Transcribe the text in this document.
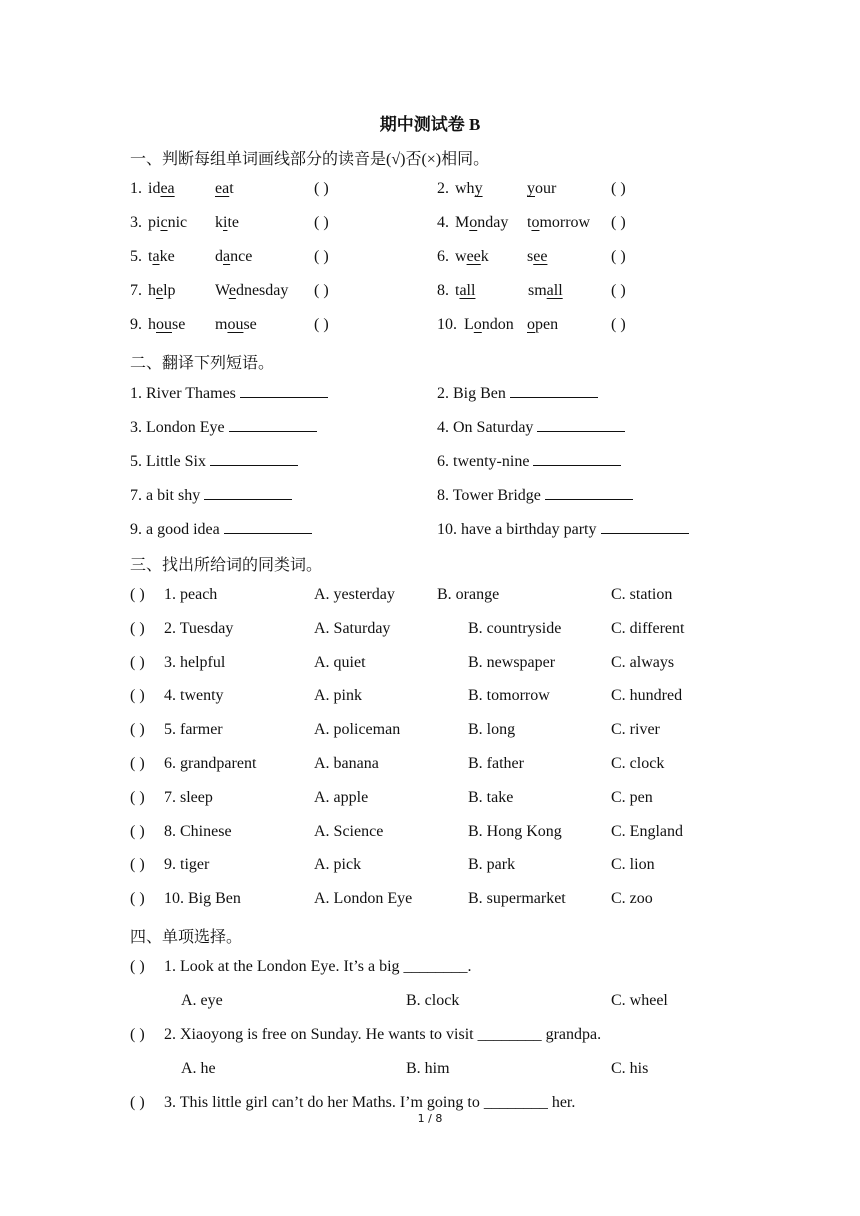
期中测试卷 B
1 / 8
一、判断每组单词画线部分的读音是(√)否(×)相同。
1. idea	eat	( )	2. why	your	( )
3. picnic kite	( )	4. Monday tomorrow ( )
5. take	dance	( )	6. week see	( )
7. help Wednesday ( )	8. tall	small	( )
9. house mouse	( )	10. London open	( )
二、翻译下列短语。
1. River Thames	2. Big Ben
3. London Eye	4. On Saturday
5. Little Six	6. twenty-nine
7. a bit shy	8. Tower Bridge
9. a good idea	10. have a birthday party
三、找出所给词的同类词。
( ) 1. peach	A. yesterday	B. orange	C. station
( ) 2. Tuesday	A. Saturday	B. countryside	C. different
( ) 3. helpful	A. quiet	B. newspaper	C. always
( ) 4. twenty	A. pink	B. tomorrow	C. hundred
( ) 5. farmer	A. policeman	B. long	C. river
( ) 6. grandparent	A. banana	B. father	C. clock
( ) 7. sleep	A. apple	B. take	C. pen
( ) 8. Chinese	A. Science	B. Hong Kong	C. England
( ) 9. tiger	A. pick	B. park	C. lion
( ) 10. Big Ben	A. London Eye	B. supermarket	C. zoo
四、单项选择。
( ) 1. Look at the London Eye. It’s a big ________.
A. eye	B. clock	C. wheel
( ) 2. Xiaoyong is free on Sunday. He wants to visit ________ grandpa.
A. he	B. him	C. his
( ) 3. This little girl can’t do her Maths. I’m going to ________ her.
